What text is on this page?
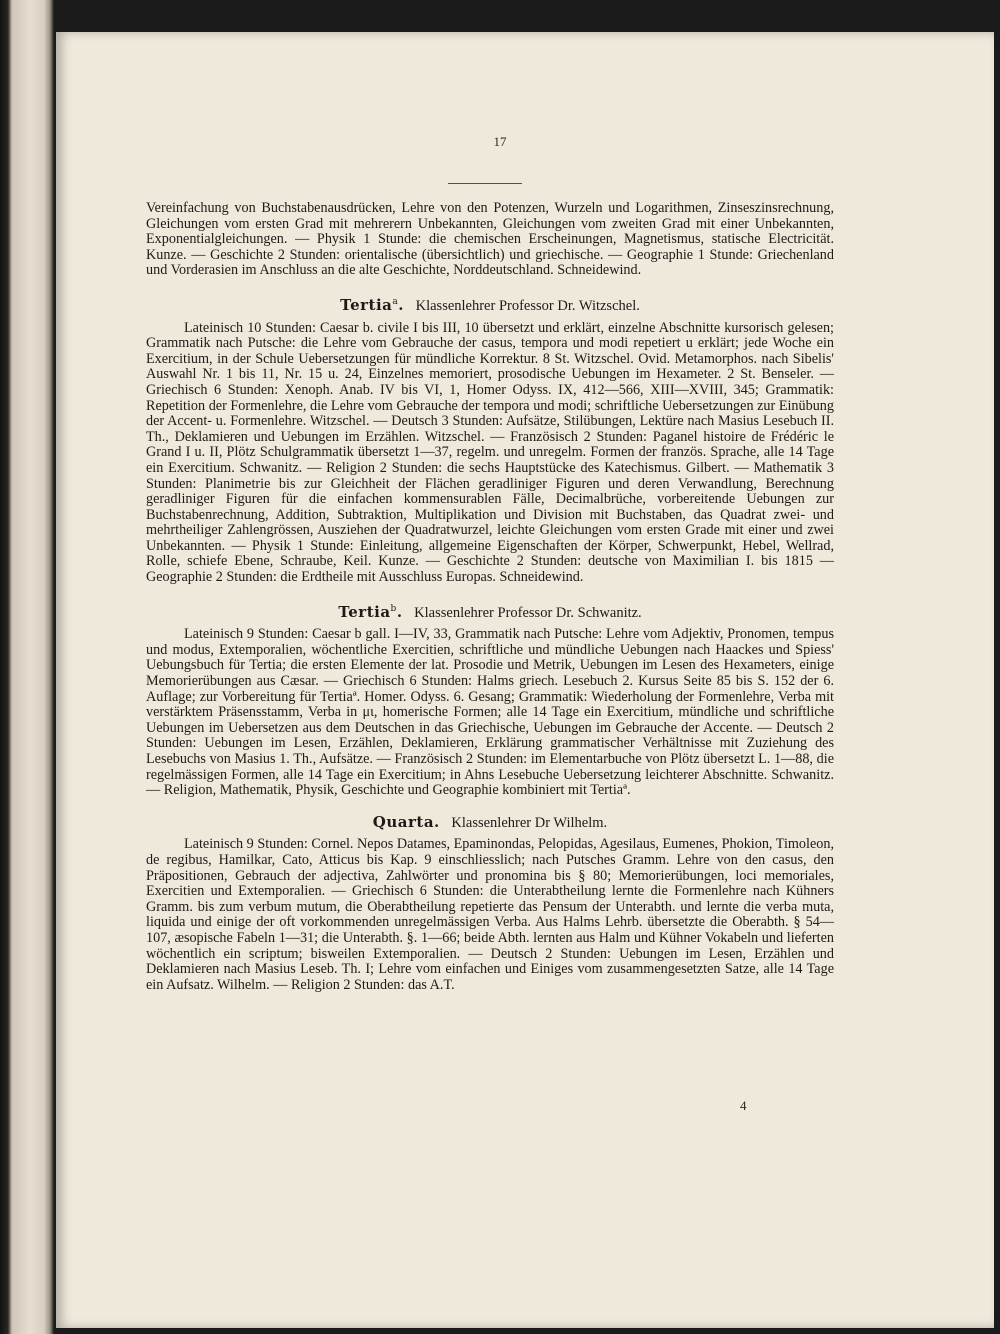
17

Vereinfachung von Buchstabenausdrücken, Lehre von den Potenzen, Wurzeln und Logarithmen, Zinseszinsrechnung, Gleichungen vom ersten Grad mit mehrerern Unbekannten, Gleichungen vom zweiten Grad mit einer Unbekannten, Exponentialgleichungen. — Physik 1 Stunde: die chemischen Erscheinungen, Magnetismus, statische Electricität. Kunze. — Geschichte 2 Stunden: orientalische (übersichtlich) und griechische. — Geographie 1 Stunde: Griechenland und Vorderasien im Anschluss an die alte Geschichte, Norddeutschland. Schneidewind.

Tertia$^a$. Klassenlehrer Professor Dr. Witzschel.

Lateinisch 10 Stunden: Caesar b. civile I bis III, 10 übersetzt und erklärt, einzelne Abschnitte kursorisch gelesen; Grammatik nach Putsche: die Lehre vom Gebrauche der casus, tempora und modi repetiert u erklärt; jede Woche ein Exercitium, in der Schule Uebersetzungen für mündliche Korrektur. 8 St. Witzschel. Ovid. Metamorphos. nach Sibelis' Auswahl Nr. 1 bis 11, Nr. 15 u. 24, Einzelnes memoriert, prosodische Uebungen im Hexameter. 2 St. Benseler. — Griechisch 6 Stunden: Xenoph. Anab. IV bis VI, 1, Homer Odyss. IX, 412—566, XIII—XVIII, 345; Grammatik: Repetition der Formenlehre, die Lehre vom Gebrauche der tempora und modi; schriftliche Uebersetzungen zur Einübung der Accent- u. Formenlehre. Witzschel. — Deutsch 3 Stunden: Aufsätze, Stilübungen, Lektüre nach Masius Lesebuch II. Th., Deklamieren und Uebungen im Erzählen. Witzschel. — Französisch 2 Stunden: Paganel histoire de Frédéric le Grand I u. II, Plötz Schulgrammatik übersetzt 1—37, regelm. und unregelm. Formen der französ. Sprache, alle 14 Tage ein Exercitium. Schwanitz. — Religion 2 Stunden: die sechs Hauptstücke des Katechismus. Gilbert. — Mathematik 3 Stunden: Planimetrie bis zur Gleichheit der Flächen geradliniger Figuren und deren Verwandlung, Berechnung geradliniger Figuren für die einfachen kommensurablen Fälle, Decimalbrüche, vorbereitende Uebungen zur Buchstabenrechnung, Addition, Subtraktion, Multiplikation und Division mit Buchstaben, das Quadrat zwei- und mehrtheiliger Zahlengrössen, Ausziehen der Quadratwurzel, leichte Gleichungen vom ersten Grade mit einer und zwei Unbekannten. — Physik 1 Stunde: Einleitung, allgemeine Eigenschaften der Körper, Schwerpunkt, Hebel, Wellrad, Rolle, schiefe Ebene, Schraube, Keil. Kunze. — Geschichte 2 Stunden: deutsche von Maximilian I. bis 1815 — Geographie 2 Stunden: die Erdtheile mit Ausschluss Europas. Schneidewind.

Tertia$^b$. Klassenlehrer Professor Dr. Schwanitz.

Lateinisch 9 Stunden: Caesar b gall. I—IV, 33, Grammatik nach Putsche: Lehre vom Adjektiv, Pronomen, tempus und modus, Extemporalien, wöchentliche Exercitien, schriftliche und mündliche Uebungen nach Haackes und Spiess' Uebungsbuch für Tertia; die ersten Elemente der lat. Prosodie und Metrik, Uebungen im Lesen des Hexameters, einige Memorierübungen aus Cæsar. — Griechisch 6 Stunden: Halms griech. Lesebuch 2. Kursus Seite 85 bis S. 152 der 6. Auflage; zur Vorbereitung für Tertiaª. Homer. Odyss. 6. Gesang; Grammatik: Wiederholung der Formenlehre, Verba mit verstärktem Präsensstamm, Verba in μι, homerische Formen; alle 14 Tage ein Exercitium, mündliche und schriftliche Uebungen im Uebersetzen aus dem Deutschen in das Griechische, Uebungen im Gebrauche der Accente. — Deutsch 2 Stunden: Uebungen im Lesen, Erzählen, Deklamieren, Erklärung grammatischer Verhältnisse mit Zuziehung des Lesebuchs von Masius 1. Th., Aufsätze. — Französisch 2 Stunden: im Elementarbuche von Plötz übersetzt L. 1—88, die regelmässigen Formen, alle 14 Tage ein Exercitium; in Ahns Lesebuche Uebersetzung leichterer Abschnitte. Schwanitz. — Religion, Mathematik, Physik, Geschichte und Geographie kombiniert mit Tertiaª.

Quarta. Klassenlehrer Dr Wilhelm.

Lateinisch 9 Stunden: Cornel. Nepos Datames, Epaminondas, Pelopidas, Agesilaus, Eumenes, Phokion, Timoleon, de regibus, Hamilkar, Cato, Atticus bis Kap. 9 einschliesslich; nach Putsches Gramm. Lehre von den casus, den Präpositionen, Gebrauch der adjectiva, Zahlwörter und pronomina bis § 80; Memorierübungen, loci memoriales, Exercitien und Extemporalien. — Griechisch 6 Stunden: die Unterabtheilung lernte die Formenlehre nach Kühners Gramm. bis zum verbum mutum, die Oberabtheilung repetierte das Pensum der Unterabth. und lernte die verba muta, liquida und einige der oft vorkommenden unregelmässigen Verba. Aus Halms Lehrb. übersetzte die Oberabth. § 54—107, æsopische Fabeln 1—31; die Unterabth. §. 1—66; beide Abth. lernten aus Halm und Kühner Vokabeln und lieferten wöchentlich ein scriptum; bisweilen Extemporalien. — Deutsch 2 Stunden: Uebungen im Lesen, Erzählen und Deklamieren nach Masius Leseb. Th. I; Lehre vom einfachen und Einiges vom zusammengesetzten Satze, alle 14 Tage ein Aufsatz. Wilhelm. — Religion 2 Stunden: das A.T.

4
